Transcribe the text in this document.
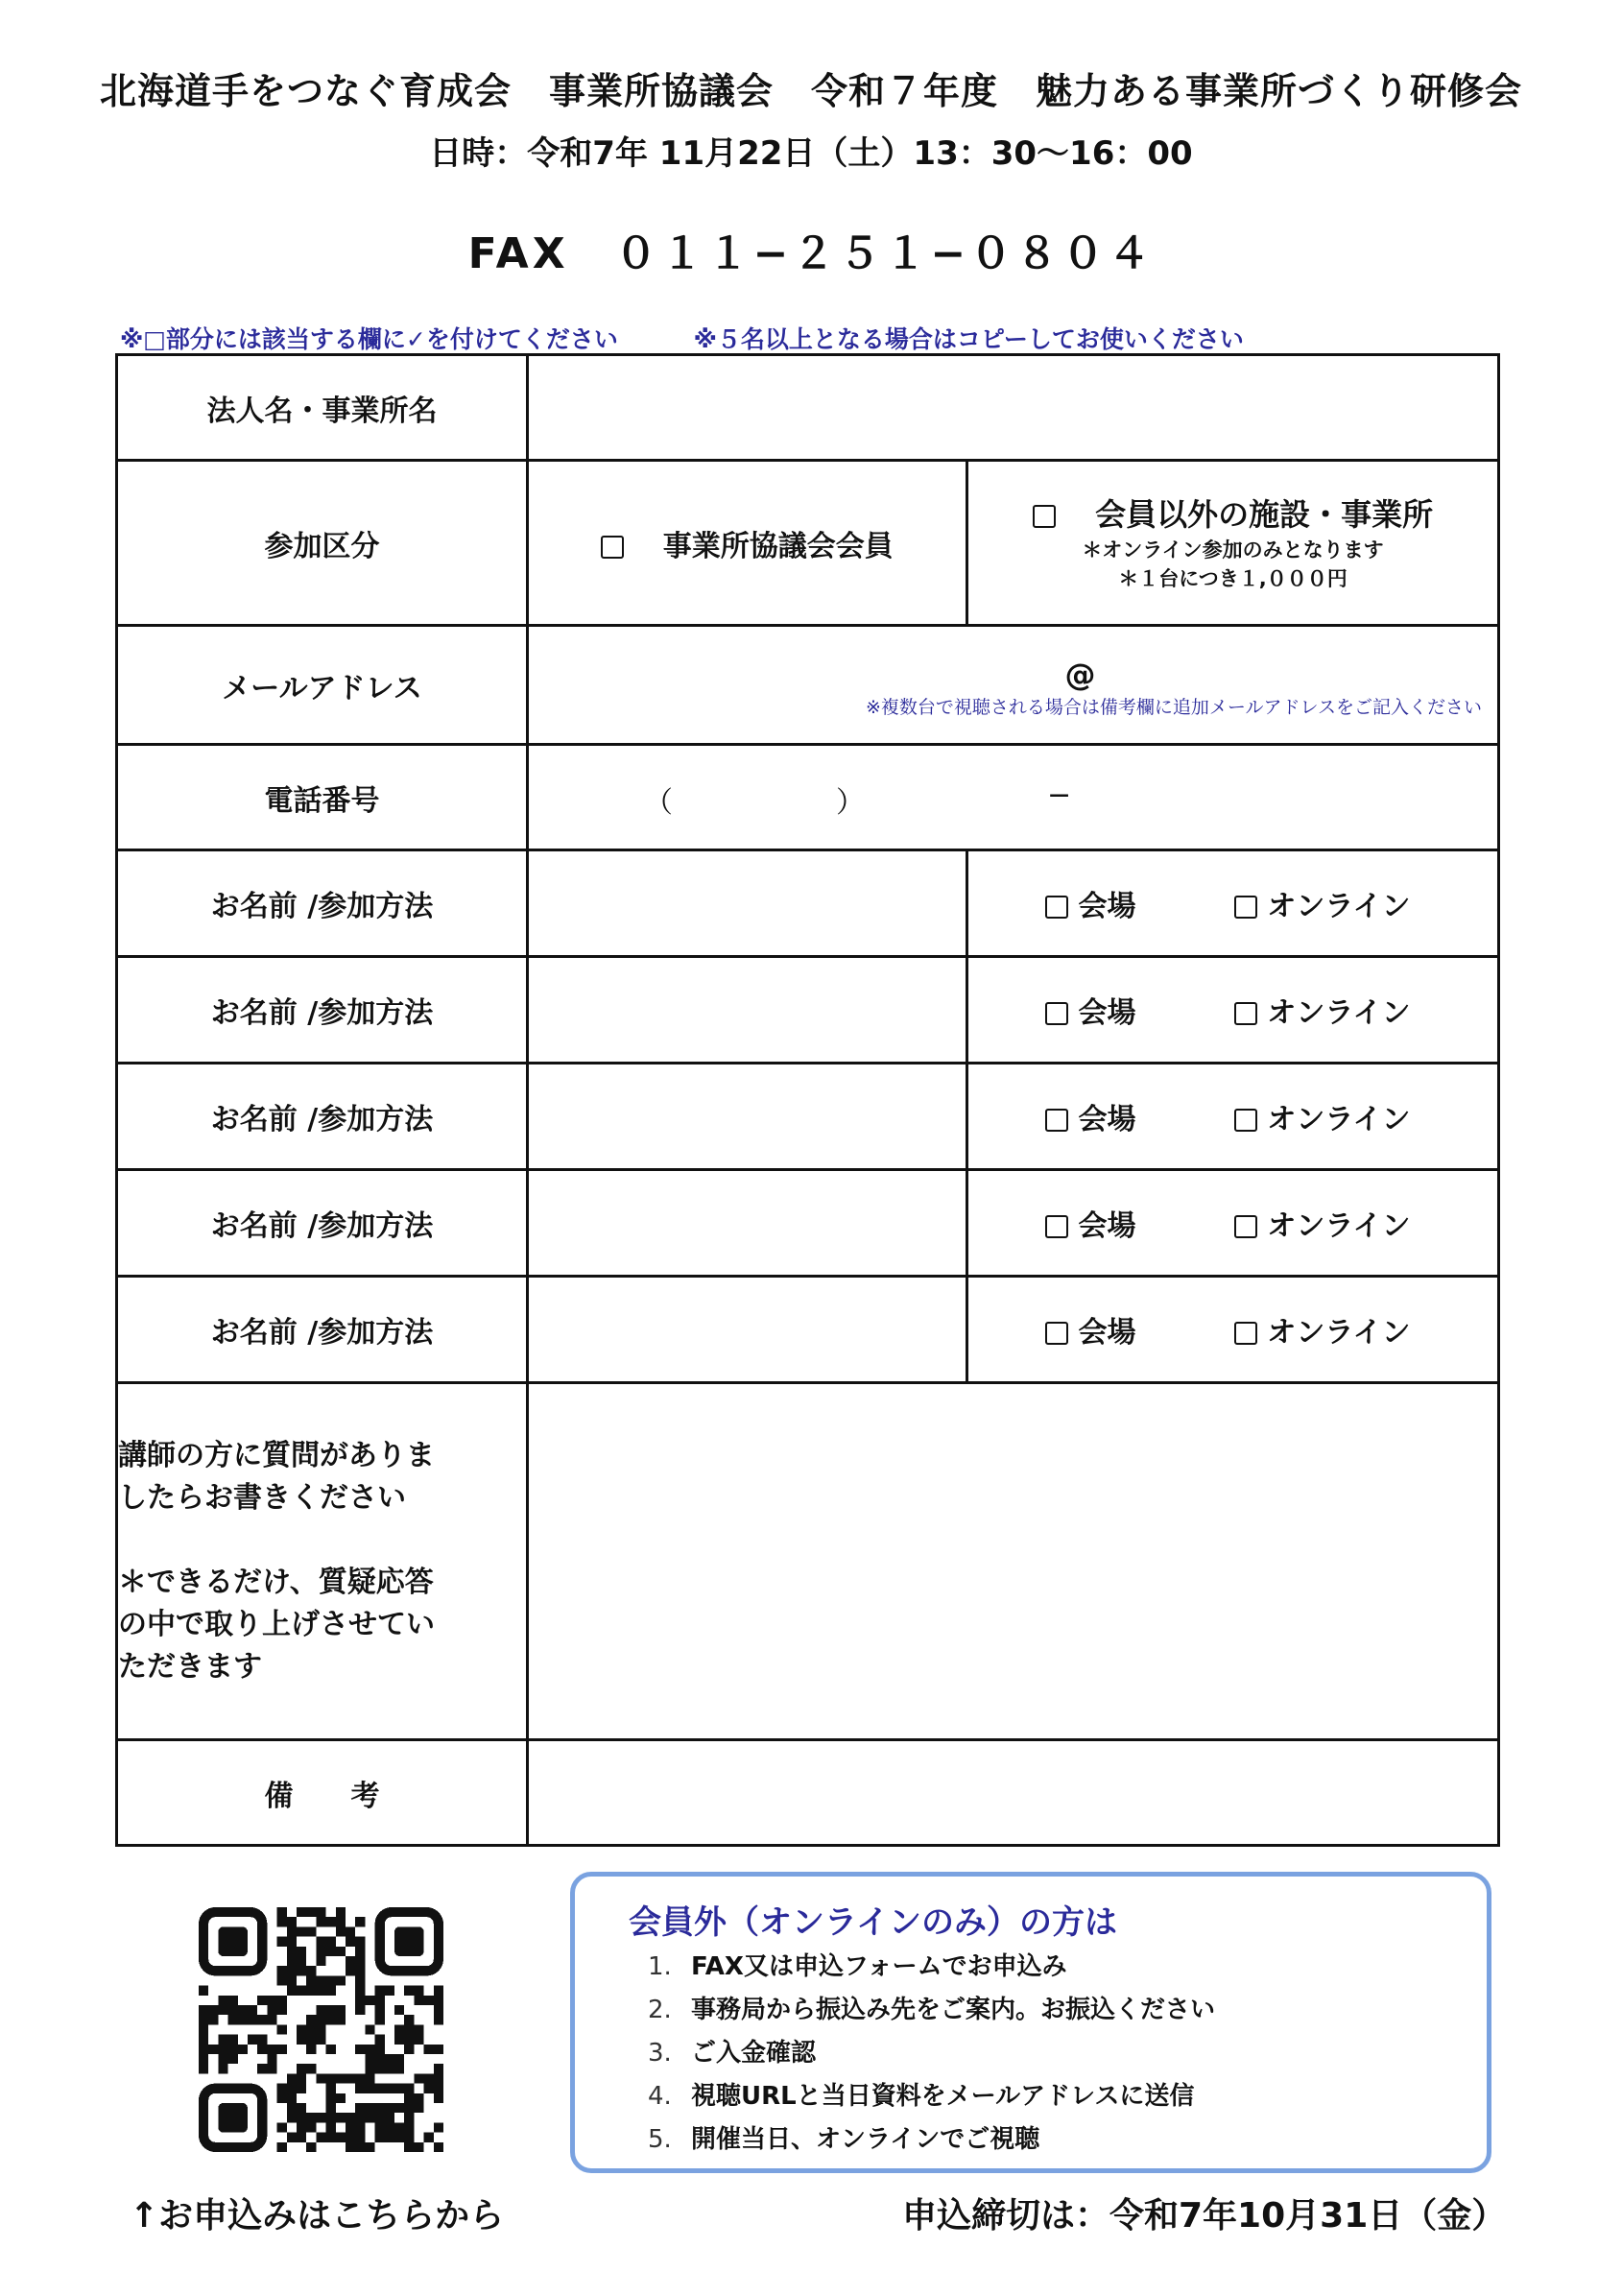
北海道手をつなぐ育成会　事業所協議会　令和７年度　魅力ある事業所づくり研修会
日時：令和7年 11月22日（土）13：30〜16：00
FAX　０１１−２５１−０８０４
※□部分には該当する欄に✓を付けてください	※５名以上となる場合はコピーしてお使いください
法人名・事業所名		
参加区分	事業所協議会会員	会員以外の施設・事業所
＊オンライン参加のみとなります
＊１台につき１,０００円

メールアドレス	@
※複数台で視聴される場合は備考欄に追加メールアドレスをご記入ください	

電話番号	（ ） −	

お名前 /参加方法		会場 オンライン
お名前 /参加方法		会場 オンライン
お名前 /参加方法		会場 オンライン
お名前 /参加方法		会場 オンライン
お名前 /参加方法		会場 オンライン

講師の方に質問がありま
したらお書きください
＊できるだけ、質疑応答
の中で取り上げさせてい
ただきます		

備　　考		
↑お申込みはこちらから
会員外（オンラインのみ）の方は
1. FAX又は申込フォームでお申込み
2. 事務局から振込み先をご案内。お振込ください
3. ご入金確認
4. 視聴URLと当日資料をメールアドレスに送信
5. 開催当日、オンラインでご視聴
申込締切は：令和7年10月31日（金）
